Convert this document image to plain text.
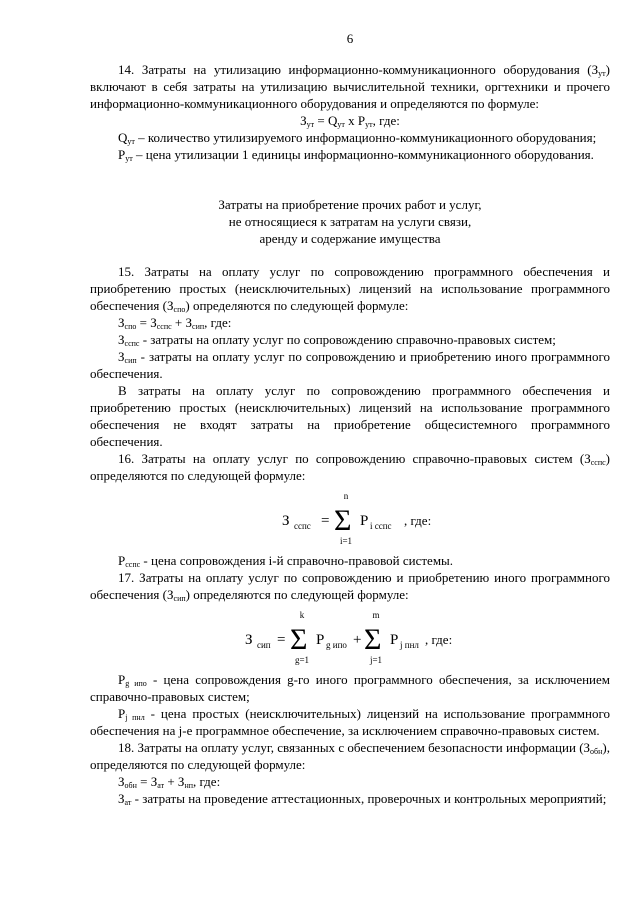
6

14. Затраты на утилизацию информационно-коммуникационного оборудования $(З_{ут})$ включают в себя затраты на утилизацию вычислительной техники, оргтехники и прочего информационно-коммуникационного оборудования и определяются по формуле:

$З_{ут} = Q_{ут}$ x $P_{ут}$, где:

$Q_{ут}$ – количество утилизируемого информационно-коммуникационного оборудования;

$P_{ут}$ – цена утилизации 1 единицы информационно-коммуникационного оборудования.

Затраты на приобретение прочих работ и услуг,
не относящиеся к затратам на услуги связи,
аренду и содержание имущества

15. Затраты на оплату услуг по сопровождению программного обеспечения и приобретению простых (неисключительных) лицензий на использование программного обеспечения $(З_{спо})$ определяются по следующей формуле:

$З_{спо} = З_{сспс} + З_{сип}$, где:

$З_{сспс}$ - затраты на оплату услуг по сопровождению справочно-правовых систем;

$З_{сип}$ - затраты на оплату услуг по сопровождению и приобретению иного программного обеспечения.

В затраты на оплату услуг по сопровождению программного обеспечения и приобретению простых (неисключительных) лицензий на использование программного обеспечения не входят затраты на приобретение общесистемного программного обеспечения.

16. Затраты на оплату услуг по сопровождению справочно-правовых систем $(З_{сспс})$ определяются по следующей формуле:

З сспс =
n
Σ
i=1
P i сспс , где:

$P_{сспс}$ - цена сопровождения i-й справочно-правовой системы.

17. Затраты на оплату услуг по сопровождению и приобретению иного программного обеспечения $(З_{сип})$ определяются по следующей формуле:

З сип =
k
Σ
g=1
P g ипо +
m
Σ
j=1
P j пнл , где:

$P_{g ипо}$ - цена сопровождения g-го иного программного обеспечения, за исключением справочно-правовых систем;

$P_{j пнл}$ - цена простых (неисключительных) лицензий на использование программного обеспечения на j-е программное обеспечение, за исключением справочно-правовых систем.

18. Затраты на оплату услуг, связанных с обеспечением безопасности информации $(З_{обн})$, определяются по следующей формуле:

$З_{обн} = З_{ат} + З_{нп}$, где:

$З_{ат}$ - затраты на проведение аттестационных, проверочных и контрольных мероприятий;
